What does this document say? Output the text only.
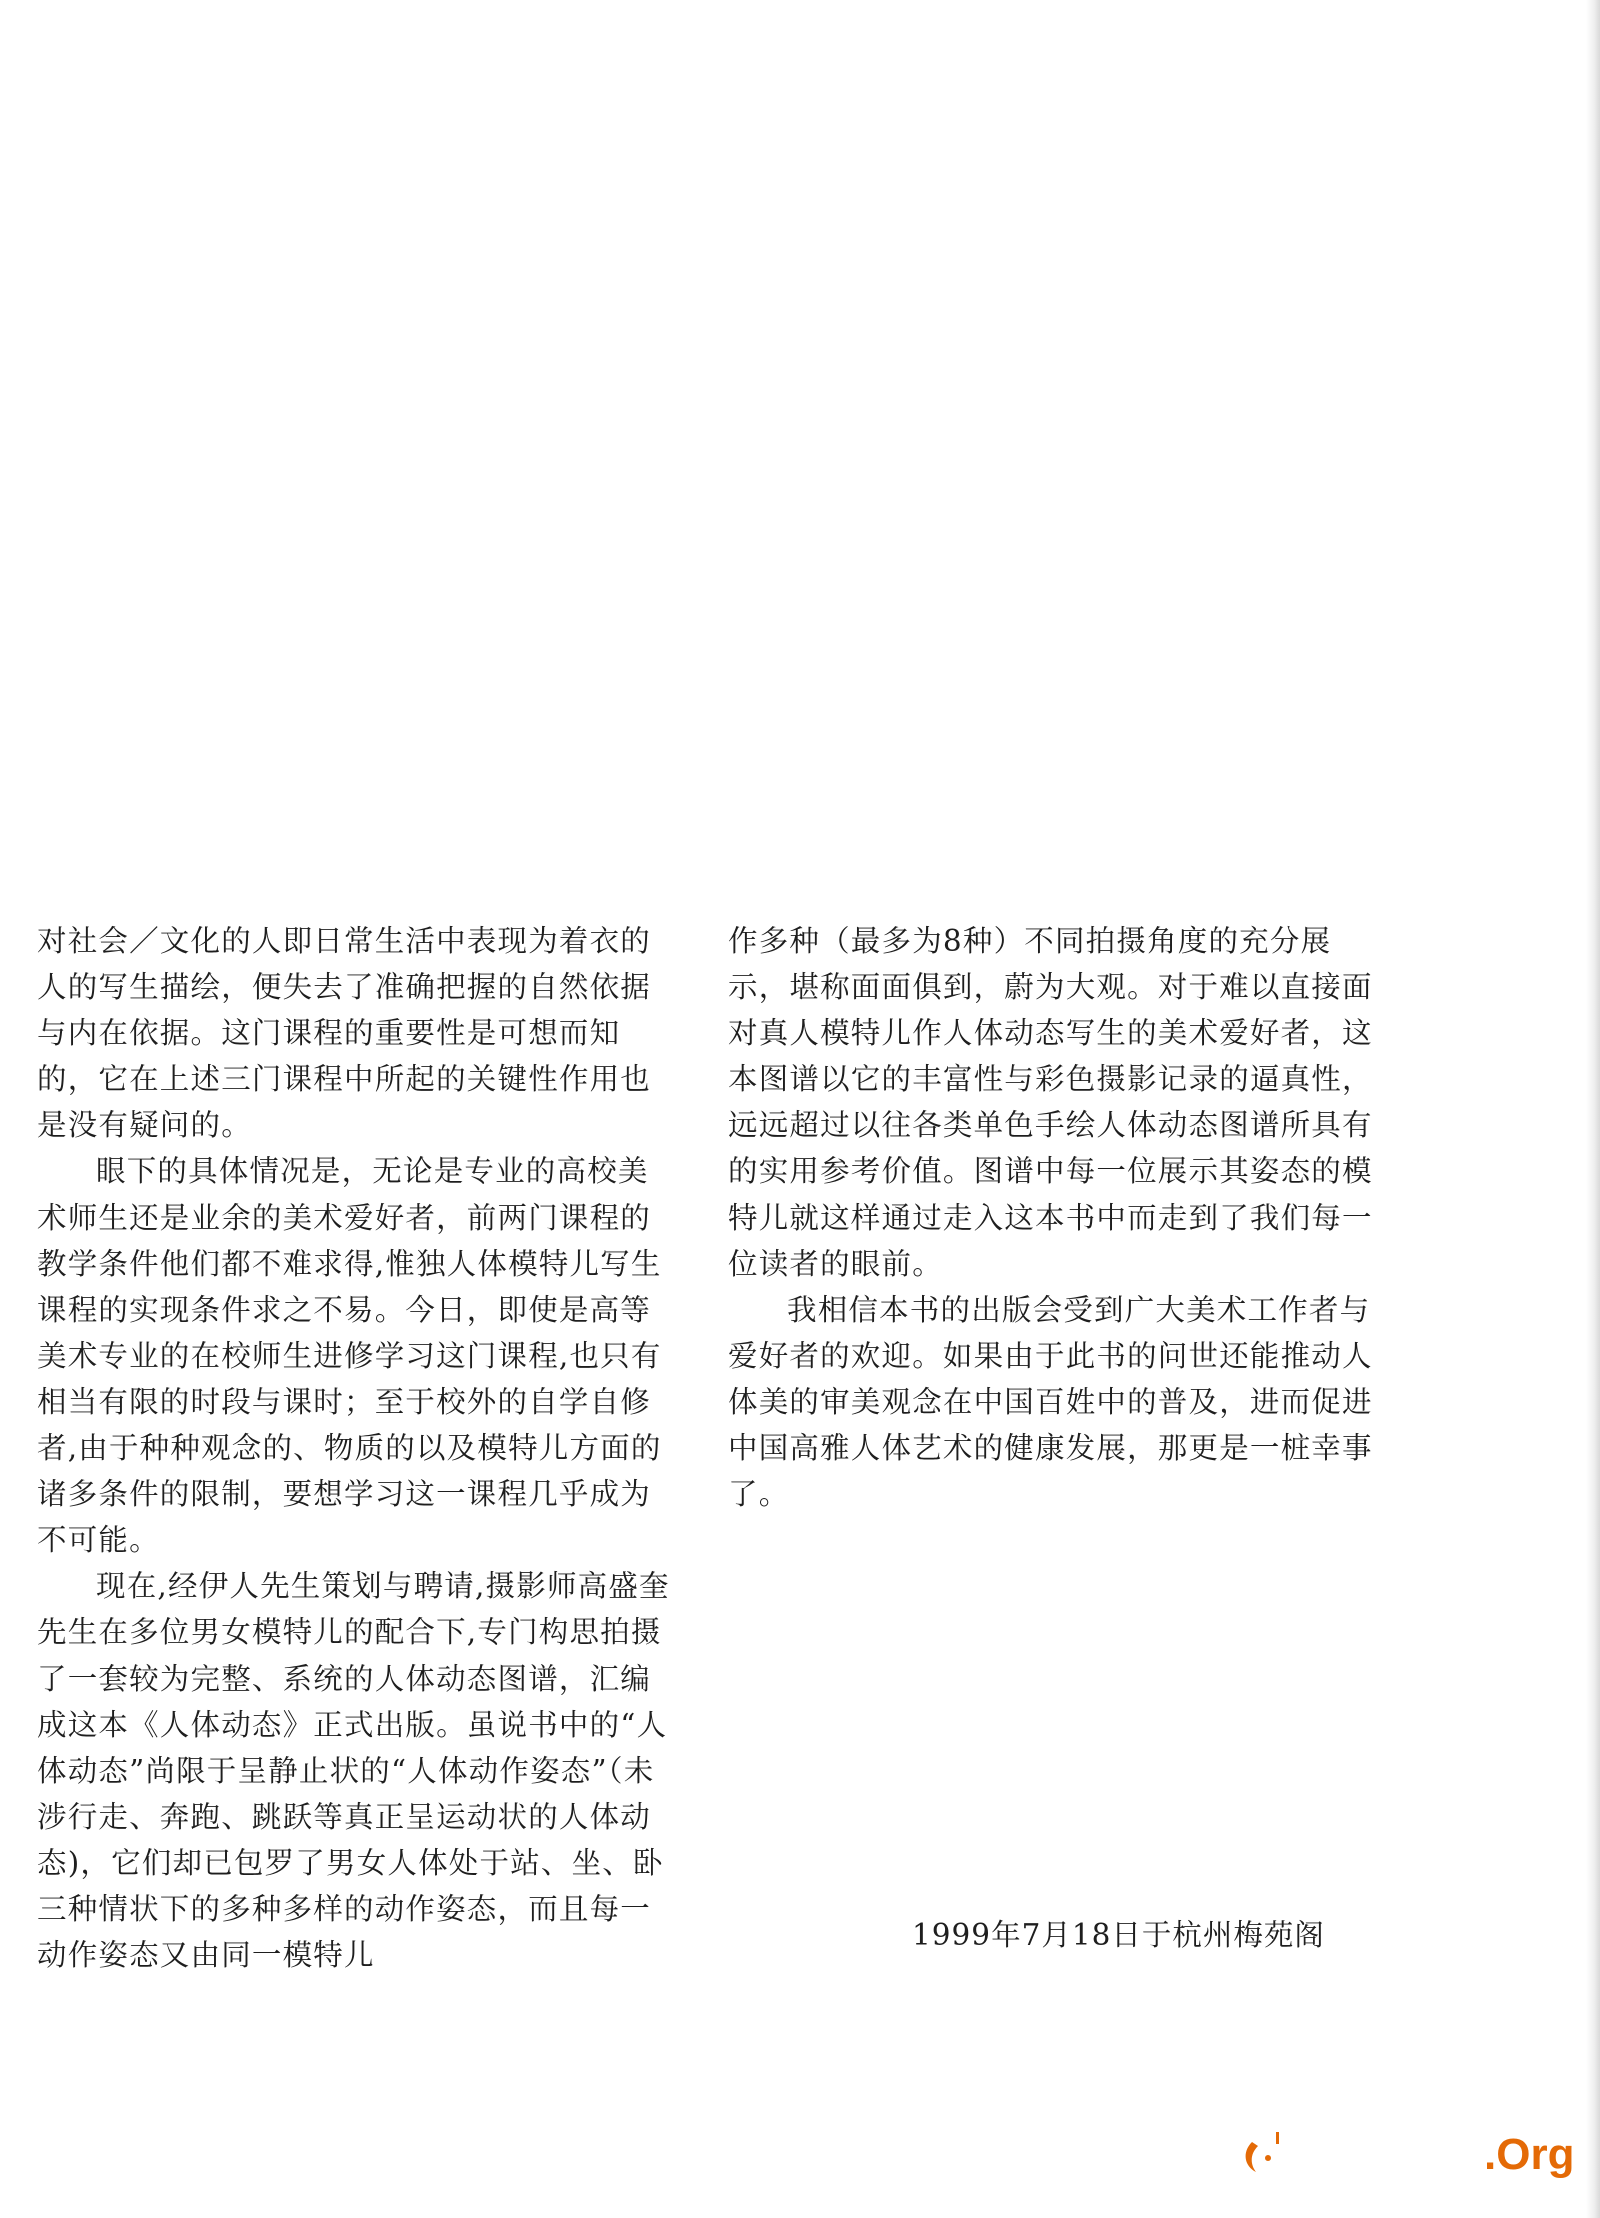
对社会／文化的人即日常生活中表现为着衣的人的写生描绘，便失去了准确把握的自然依据与内在依据。这门课程的重要性是可想而知的，它在上述三门课程中所起的关键性作用也是没有疑问的。

眼下的具体情况是，无论是专业的高校美术师生还是业余的美术爱好者，前两门课程的教学条件他们都不难求得,惟独人体模特儿写生课程的实现条件求之不易。今日，即使是高等美术专业的在校师生进修学习这门课程,也只有相当有限的时段与课时；至于校外的自学自修者,由于种种观念的、物质的以及模特儿方面的诸多条件的限制，要想学习这一课程几乎成为不可能。

现在,经伊人先生策划与聘请,摄影师高盛奎先生在多位男女模特儿的配合下,专门构思拍摄了一套较为完整、系统的人体动态图谱，汇编成这本《人体动态》正式出版。虽说书中的“人体动态”尚限于呈静止状的“人体动作姿态”（未涉行走、奔跑、跳跃等真正呈运动状的人体动态)，它们却已包罗了男女人体处于站、坐、卧三种情状下的多种多样的动作姿态，而且每一动作姿态又由同一模特儿

作多种（最多为8种）不同拍摄角度的充分展示，堪称面面俱到，蔚为大观。对于难以直接面对真人模特儿作人体动态写生的美术爱好者，这本图谱以它的丰富性与彩色摄影记录的逼真性，远远超过以往各类单色手绘人体动态图谱所具有的实用参考价值。图谱中每一位展示其姿态的模特儿就这样通过走入这本书中而走到了我们每一位读者的眼前。

我相信本书的出版会受到广大美术工作者与爱好者的欢迎。如果由于此书的问世还能推动人体美的审美观念在中国百姓中的普及，进而促进中国高雅人体艺术的健康发展，那更是一桩幸事了。

1999年7月18日于杭州梅苑阁
.Org
